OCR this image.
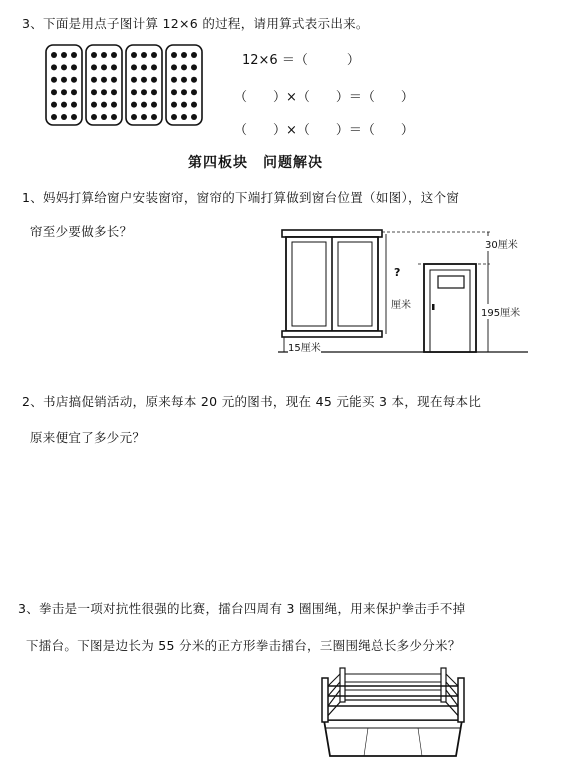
3、下面是用点子图计算 12×6 的过程，请用算式表示出来。
12×6 ＝（　　　）
（　　）×（　　）＝（　　）
（　　）×（　　）＝（　　）
第四板块　问题解决
1、妈妈打算给窗户安装窗帘，窗帘的下端打算做到窗台位置（如图），这个窗
帘至少要做多长？
30厘米
?
厘米
195厘米
15厘米
2、书店搞促销活动，原来每本 20 元的图书，现在 45 元能买 3 本，现在每本比
原来便宜了多少元？
3、拳击是一项对抗性很强的比赛，擂台四周有 3 圈围绳，用来保护拳击手不掉
下擂台。下图是边长为 55 分米的正方形拳击擂台，三圈围绳总长多少分米？
